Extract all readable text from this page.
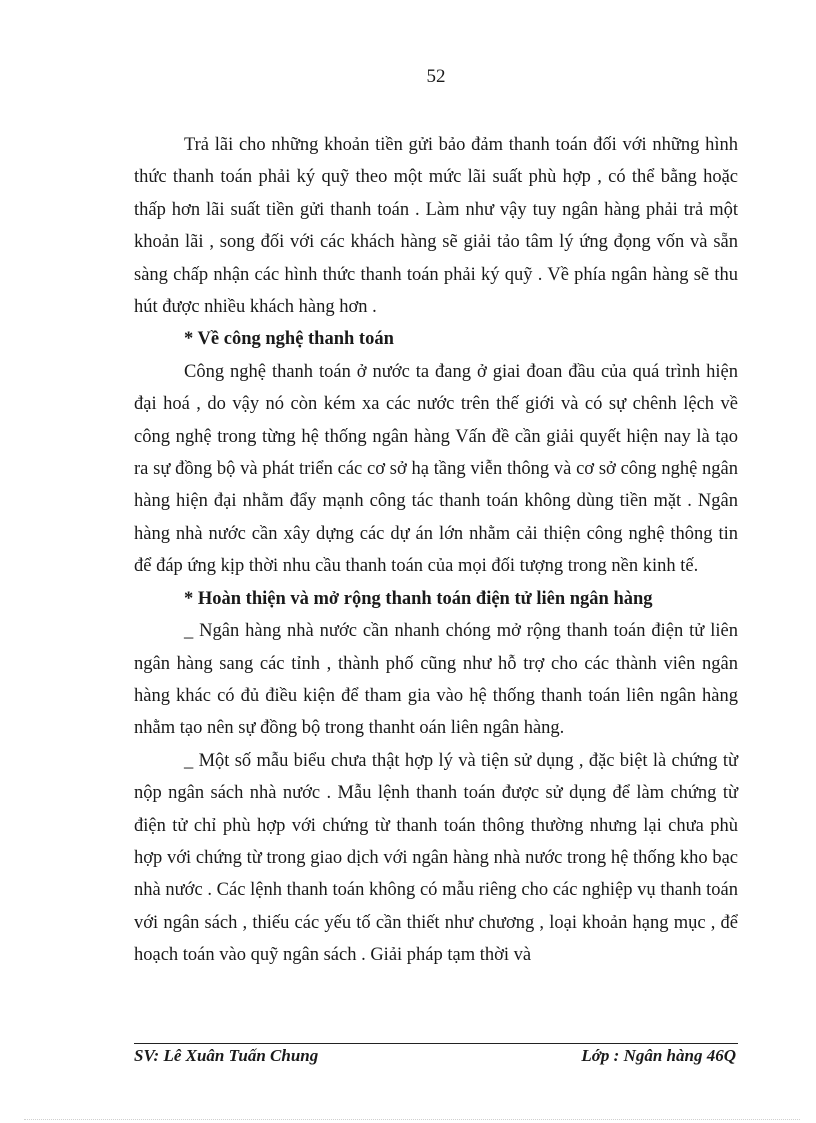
52

Trả lãi cho những khoản tiền gửi bảo đảm thanh toán đối với những hình thức thanh toán phải ký quỹ theo một mức lãi suất phù hợp , có thể bằng hoặc thấp hơn lãi suất tiền gửi thanh toán . Làm như vậy tuy ngân hàng phải trả một khoản lãi , song đối với các khách hàng sẽ giải tảo tâm lý ứng đọng vốn và sẵn sàng chấp nhận các hình thức thanh toán phải ký quỹ . Về phía ngân hàng sẽ thu hút được nhiều khách hàng hơn .

* Về công nghệ thanh toán

Công nghệ thanh toán ở nước ta đang ở giai đoan đầu của quá trình hiện đại hoá , do vậy nó còn kém xa các nước trên thế giới và có sự chênh lệch về công nghệ trong từng hệ thống ngân hàng Vấn đề cần giải quyết hiện nay là tạo ra sự đồng bộ và phát triển các cơ sở hạ tầng viễn thông và cơ sở công nghệ ngân hàng hiện đại nhằm đẩy mạnh công tác thanh toán không dùng tiền mặt . Ngân hàng nhà nước cần xây dựng các dự án lớn nhằm cải thiện công nghệ thông tin để đáp ứng kịp thời nhu cầu thanh toán của mọi đối tượng trong nền kinh tế.

* Hoàn thiện và mở rộng thanh toán điện tử liên ngân hàng

_ Ngân hàng nhà nước cần nhanh chóng mở rộng thanh toán điện tử liên ngân hàng sang các tỉnh , thành phố cũng như hỗ trợ cho các thành viên ngân hàng khác có đủ điều kiện để tham gia vào hệ thống thanh toán liên ngân hàng nhằm tạo nên sự đồng bộ trong thanht oán liên ngân hàng.

_ Một số mẫu biểu chưa thật hợp lý và tiện sử dụng , đặc biệt là chứng từ nộp ngân sách nhà nước . Mẫu lệnh thanh toán được sử dụng để làm chứng từ điện tử chỉ phù hợp với chứng từ thanh toán thông thường nhưng lại chưa phù hợp với chứng từ trong giao dịch với ngân hàng nhà nước trong hệ thống kho bạc nhà nước . Các lệnh thanh toán không có mẫu riêng cho các nghiệp vụ thanh toán với ngân sách , thiếu các yếu tố cần thiết như chương , loại khoản hạng mục , để hoạch toán vào quỹ ngân sách . Giải pháp tạm thời và

SV: Lê Xuân Tuấn Chung	Lớp : Ngân hàng 46Q
